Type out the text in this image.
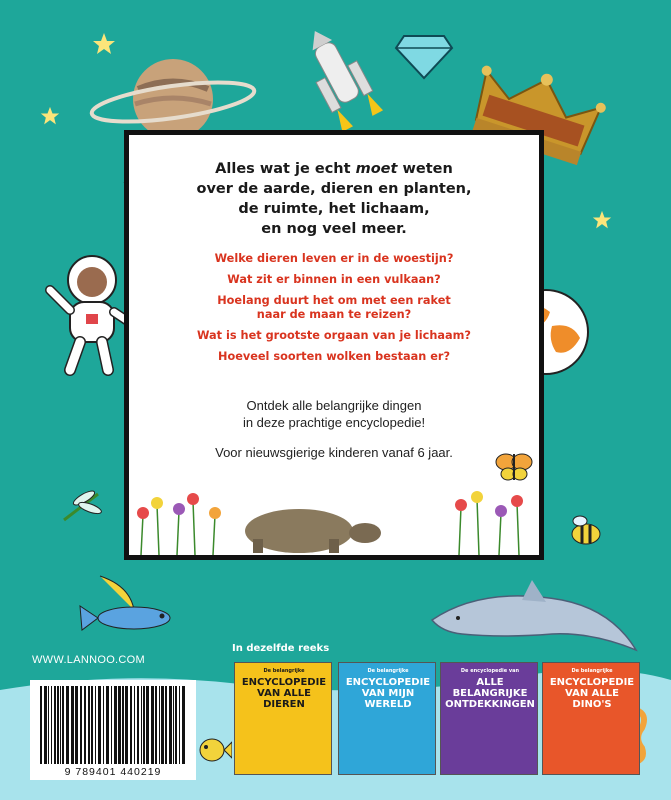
Alles wat je echt moet weten
over de aarde, dieren en planten,
de ruimte, het lichaam,
en nog veel meer.
Welke dieren leven er in de woestijn?
Wat zit er binnen in een vulkaan?
Hoelang duurt het om met een raket
naar de maan te reizen?
Wat is het grootste orgaan van je lichaam?
Hoeveel soorten wolken bestaan er?
Ontdek alle belangrijke dingen
in deze prachtige encyclopedie!
Voor nieuwsgierige kinderen vanaf 6 jaar.
WWW.LANNOO.COM
In dezelfde reeks
De belangrijke
ENCYCLOPEDIE VAN ALLE DIEREN
De belangrijke
ENCYCLOPEDIE VAN MIJN WERELD
De encyclopedie van
ALLE BELANGRIJKE ONTDEKKINGEN
De belangrijke
ENCYCLOPEDIE VAN ALLE DINO'S
9 789401 440219
